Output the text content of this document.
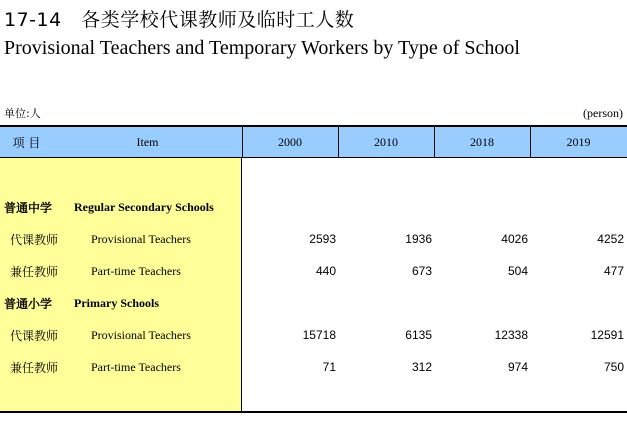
17-14　各类学校代课教师及临时工人数
Provisional Teachers and Temporary Workers by Type of School
单位:人	(person)
项 目	Item	2000	2010	2018	2019
普通中学 Regular Secondary Schools
代课教师	Provisional Teachers	2593	1936	4026	4252
兼任教师	Part-time Teachers	440	673	504	477
普通小学 Primary Schools
代课教师	Provisional Teachers	15718	6135	12338	12591
兼任教师	Part-time Teachers	71	312	974	750
